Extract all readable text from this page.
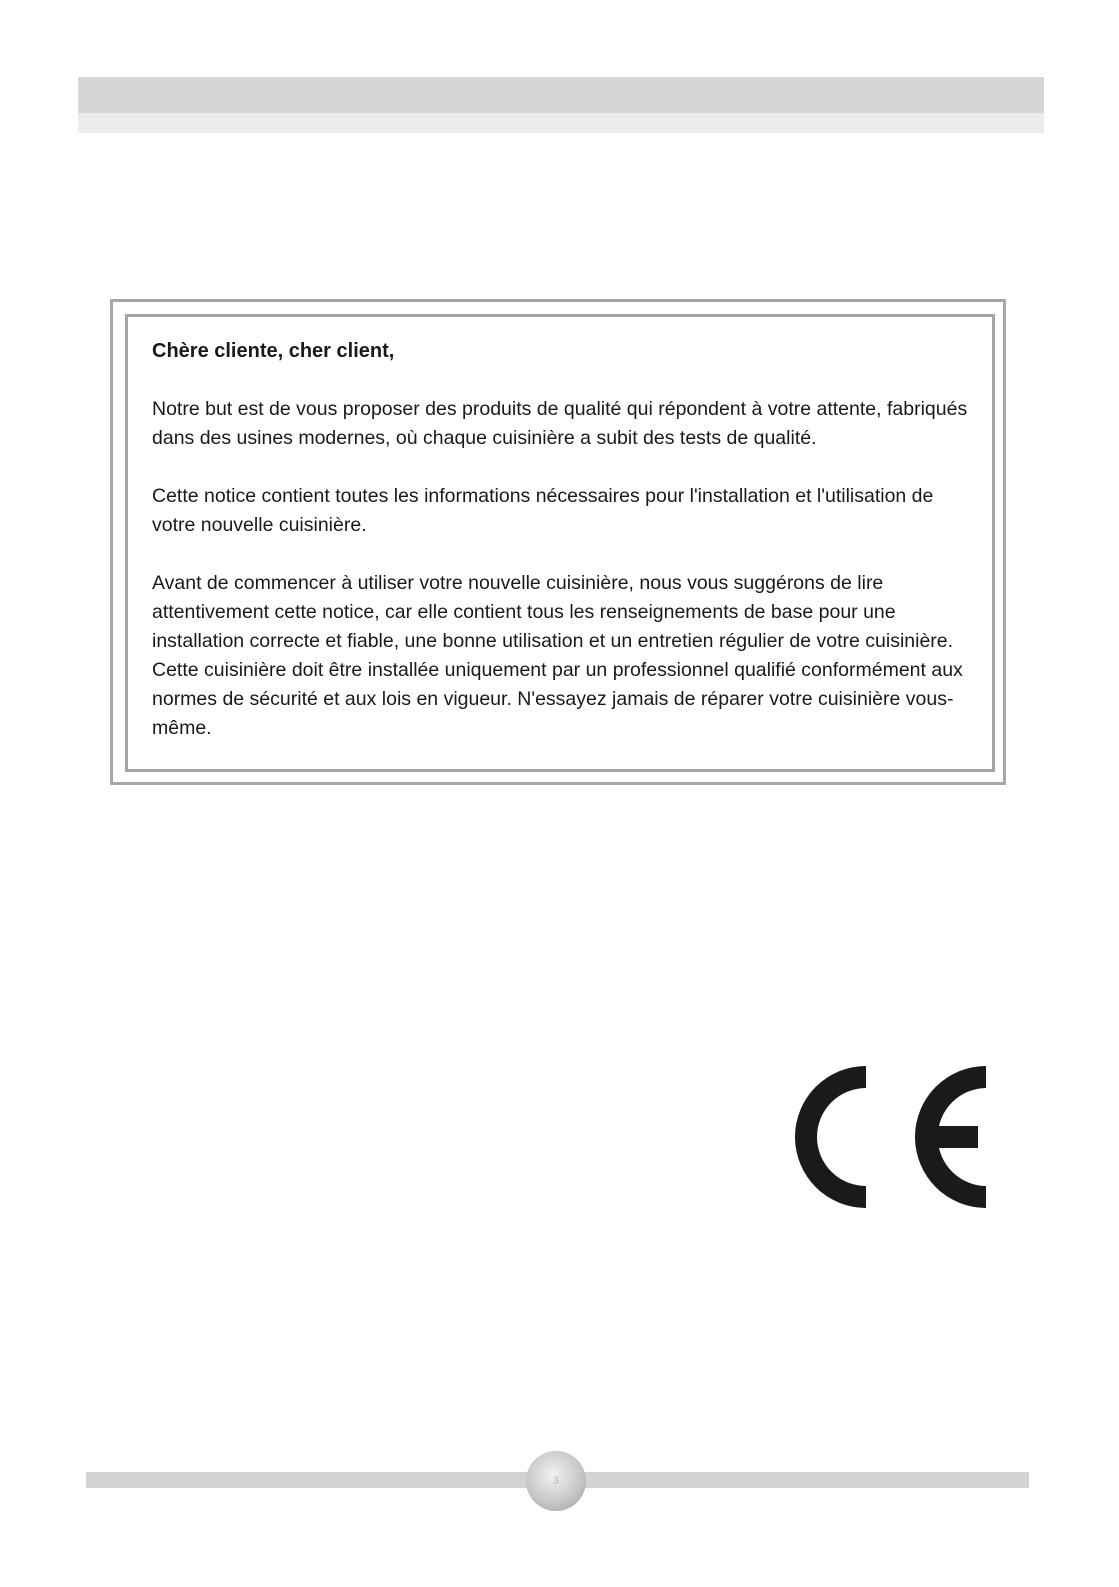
Chère cliente, cher client,

Notre but est de vous proposer des produits de qualité qui répondent à votre attente, fabriqués dans des usines modernes, où chaque cuisinière a subit des tests de qualité.

Cette notice contient toutes les informations nécessaires pour l'installation et l'utilisation de votre nouvelle cuisinière.

Avant de commencer à utiliser votre nouvelle cuisinière, nous vous suggérons de lire attentivement cette notice, car elle contient tous les renseignements de base pour une installation correcte et fiable, une bonne utilisation et un entretien régulier de votre cuisinière. Cette cuisinière doit être installée uniquement par un professionnel qualifié conformément aux normes de sécurité et aux lois en vigueur. N'essayez jamais de réparer votre cuisinière vous-même.

3
